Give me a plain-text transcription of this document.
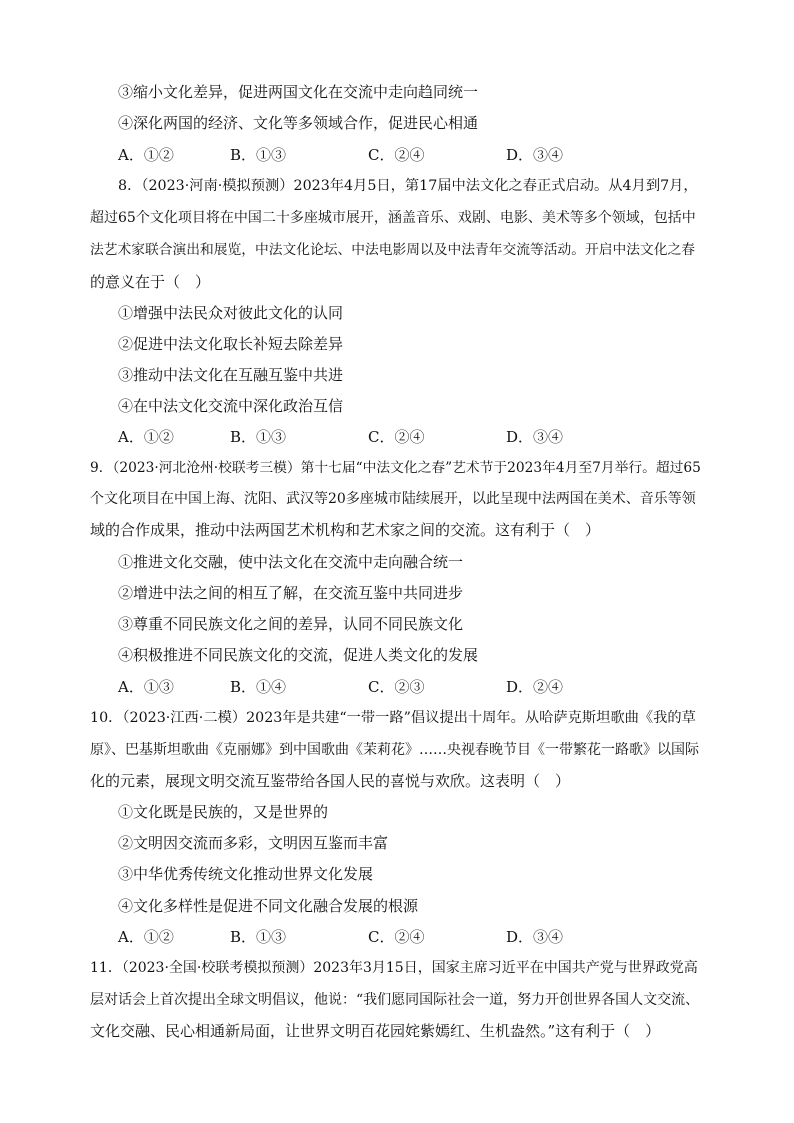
③缩小文化差异，促进两国文化在交流中走向趋同统一
④深化两国的经济、文化等多领域合作，促进民心相通
A．①②	B．①③	C．②④	D．③④
8．（2023·河南·模拟预测）2023年4月5日，第17届中法文化之春正式启动。从4月到7月，
超过65个文化项目将在中国二十多座城市展开，涵盖音乐、戏剧、电影、美术等多个领域，包括中
法艺术家联合演出和展览，中法文化论坛、中法电影周以及中法青年交流等活动。开启中法文化之春
的意义在于（　）
①增强中法民众对彼此文化的认同
②促进中法文化取长补短去除差异
③推动中法文化在互融互鉴中共进
④在中法文化交流中深化政治互信
A．①②	B．①③	C．②④	D．③④
9．（2023·河北沧州·校联考三模）第十七届“中法文化之春”艺术节于2023年4月至7月举行。超过65
个文化项目在中国上海、沈阳、武汉等20多座城市陆续展开，以此呈现中法两国在美术、音乐等领
域的合作成果，推动中法两国艺术机构和艺术家之间的交流。这有利于（　）
①推进文化交融，使中法文化在交流中走向融合统一
②增进中法之间的相互了解，在交流互鉴中共同进步
③尊重不同民族文化之间的差异，认同不同民族文化
④积极推进不同民族文化的交流，促进人类文化的发展
A．①③	B．①④	C．②③	D．②④
10．（2023·江西·二模）2023年是共建“一带一路”倡议提出十周年。从哈萨克斯坦歌曲《我的草
原》、巴基斯坦歌曲《克丽娜》到中国歌曲《茉莉花》……央视春晚节目《一带繁花一路歌》以国际
化的元素，展现文明交流互鉴带给各国人民的喜悦与欢欣。这表明（　）
①文化既是民族的，又是世界的
②文明因交流而多彩，文明因互鉴而丰富
③中华优秀传统文化推动世界文化发展
④文化多样性是促进不同文化融合发展的根源
A．①②	B．①③	C．②④	D．③④
11．（2023·全国·校联考模拟预测）2023年3月15日，国家主席习近平在中国共产党与世界政党高
层对话会上首次提出全球文明倡议，他说：“我们愿同国际社会一道，努力开创世界各国人文交流、
文化交融、民心相通新局面，让世界文明百花园姹紫嫣红、生机盎然。”这有利于（　）
